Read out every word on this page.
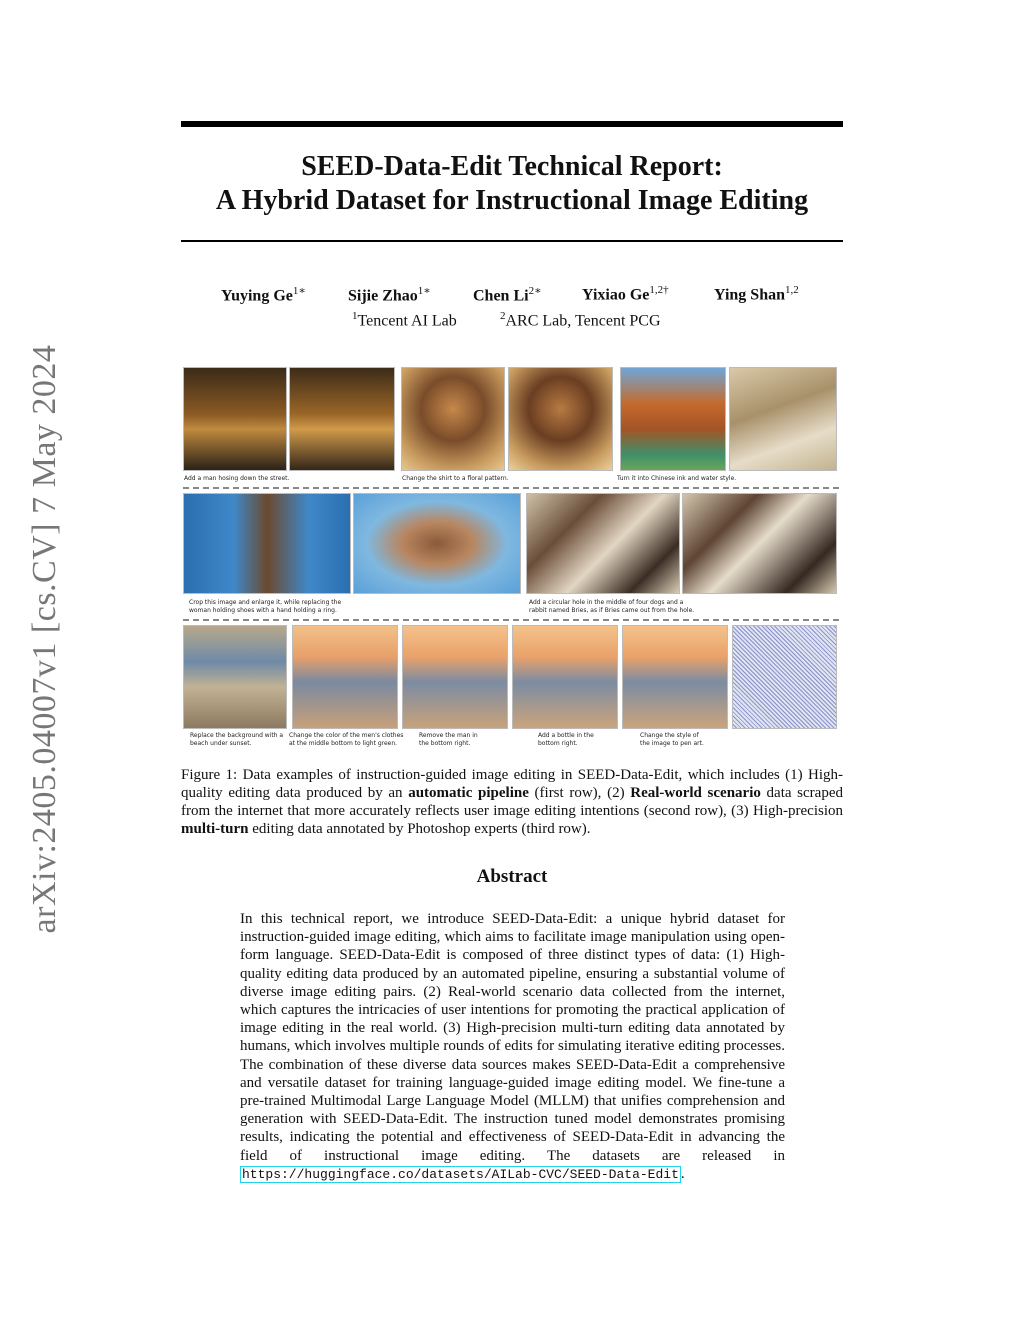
arXiv:2405.04007v1 [cs.CV] 7 May 2024
SEED-Data-Edit Technical Report:
A Hybrid Dataset for Instructional Image Editing
Yuying $Ge^{1∗}$	Sijie Zhao$^{1∗}$	Chen $Li^{2∗}$	Yixiao $Ge^{1,2\dagger}$	Ying Shan$^{1,2}$
$^1$Tencent AI Lab	$^2$ARC Lab, Tencent PCG
Add a man hosing down the street.	Change the shirt to a floral pattern.	Turn it into Chinese ink and water style.
Crop this image and enlarge it, while replacing the woman holding shoes with a hand holding a ring.
Add a circular hole in the middle of four dogs and a rabbit named Bries, as if Bries came out from the hole.
Replace the background with a beach under sunset.
Change the color of the men's clothes at the middle bottom to light green.
Remove the man in the bottom right.
Add a bottle in the bottom right.
Change the style of the image to pen art.
Figure 1: Data examples of instruction-guided image editing in SEED-Data-Edit, which includes (1) High-quality editing data produced by an automatic pipeline (first row), (2) Real-world scenario data scraped from the internet that more accurately reflects user image editing intentions (second row), (3) High-precision multi-turn editing data annotated by Photoshop experts (third row).
Abstract
In this technical report, we introduce SEED-Data-Edit: a unique hybrid dataset for instruction-guided image editing, which aims to facilitate image manipulation using open-form language. SEED-Data-Edit is composed of three distinct types of data: (1) High-quality editing data produced by an automated pipeline, ensuring a substantial volume of diverse image editing pairs. (2) Real-world scenario data collected from the internet, which captures the intricacies of user intentions for promoting the practical application of image editing in the real world. (3) High-precision multi-turn editing data annotated by humans, which involves multiple rounds of edits for simulating iterative editing processes. The combination of these diverse data sources makes SEED-Data-Edit a comprehensive and versatile dataset for training language-guided image editing model. We fine-tune a pre-trained Multimodal Large Language Model (MLLM) that unifies comprehension and generation with SEED-Data-Edit. The instruction tuned model demonstrates promising results, indicating the potential and effectiveness of SEED-Data-Edit in advancing the field of instructional image editing. The datasets are released in https://huggingface.co/datasets/AILab-CVC/SEED-Data-Edit .
